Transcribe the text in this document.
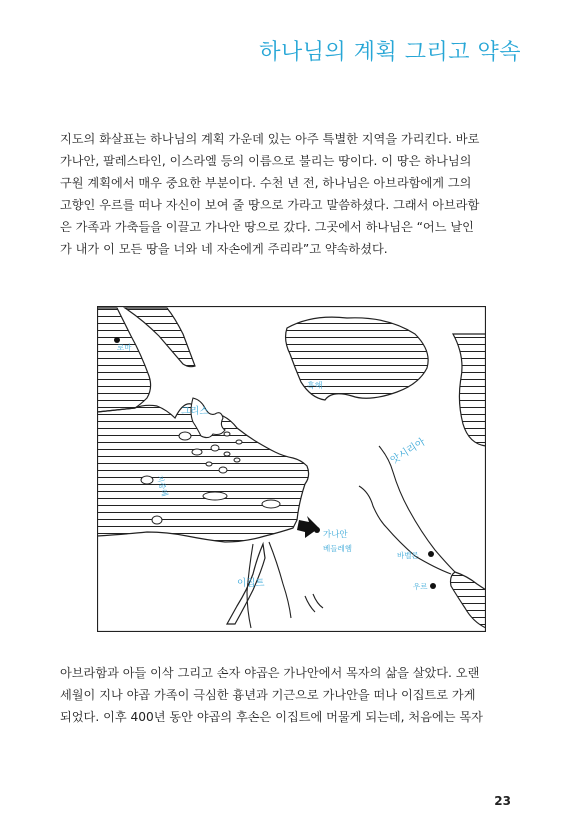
하나님의 계획 그리고 약속

지도의 화살표는 하나님의 계획 가운데 있는 아주 특별한 지역을 가리킨다. 바로

가나안, 팔레스타인, 이스라엘 등의 이름으로 불리는 땅이다. 이 땅은 하나님의

구원 계획에서 매우 중요한 부분이다. 수천 년 전, 하나님은 아브라함에게 그의

고향인 우르를 떠나 자신이 보여 줄 땅으로 가라고 말씀하셨다. 그래서 아브라함

은 가족과 가축들을 이끌고 가나안 땅으로 갔다. 그곳에서 하나님은 “어느 날인

가 내가 이 모든 땅을 너와 네 자손에게 주리라”고 약속하셨다.

로마
흑해
그리스
지중해
앗시리아
가나안
베들레헴
바벨론
우르
이집트

아브라함과 아들 이삭 그리고 손자 야곱은 가나안에서 목자의 삶을 살았다. 오랜

세월이 지나 야곱 가족이 극심한 흉년과 기근으로 가나안을 떠나 이집트로 가게

되었다. 이후 400년 동안 야곱의 후손은 이집트에 머물게 되는데, 처음에는 목자

23
